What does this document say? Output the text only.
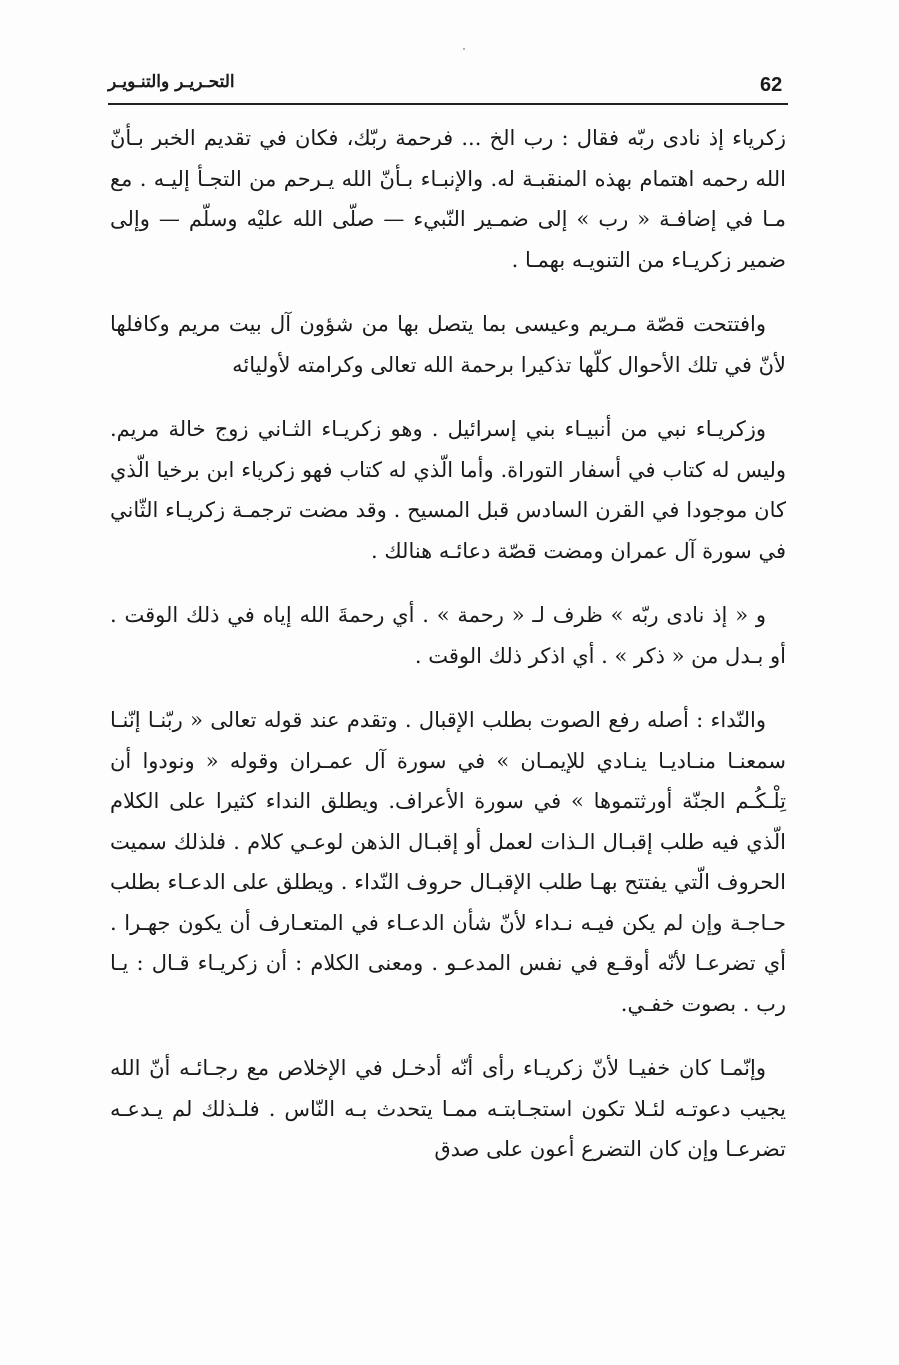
62
التحـريـر والتنـويـر

زكرياء إذ نادى ربّه فقال : رب الخ ... فرحمة ربّك، فكان في تقديم الخبر بـأنّ الله رحمه اهتمام بهذه المنقبـة له. والإنبـاء بـأنّ الله يـرحم من التجـأ إليـه . مع مـا في إضافـة « رب » إلى ضمـير النّبيء — صلّى الله عليْه وسلّم — وإلى ضمير زكريـاء من التنويـه بهمـا .

وافتتحت قصّة مـريم وعيسى بما يتصل بها من شؤون آل بيت مريم وكافلها لأنّ في تلك الأحوال كلّها تذكيرا برحمة الله تعالى وكرامته لأوليائه

وزكريـاء نبي من أنبيـاء بني إسرائيل . وهو زكريـاء الثـاني زوج خالة مريم. وليس له كتاب في أسفار التوراة. وأما الّذي له كتاب فهو زكرياء ابن برخيا الّذي كان موجودا في القرن السادس قبل المسيح . وقد مضت ترجمـة زكريـاء الثّاني في سورة آل عمران ومضت قصّة دعائـه هنالك .

و « إذ نادى ربّه » ظرف لـ « رحمة » . أي رحمةَ الله إياه في ذلك الوقت . أو بـدل من « ذكر » . أي اذكر ذلك الوقت .

والنّداء : أصله رفع الصوت بطلب الإقبال . وتقدم عند قوله تعالى « ربّنـا إنّنـا سمعنـا منـاديـا ينـادي للإيمـان » في سورة آل عمـران وقوله « ونودوا أن تِلْـكُـم الجنّة أورثتموها » في سورة الأعراف. ويطلق النداء كثيرا على الكلام الّذي فيه طلب إقبـال الـذات لعمل أو إقبـال الذهن لوعـي كلام . فلذلك سميت الحروف الّتي يفتتح بهـا طلب الإقبـال حروف النّداء . ويطلق على الدعـاء بطلب حـاجـة وإن لم يكن فيـه نـداء لأنّ شأن الدعـاء في المتعـارف أن يكون جهـرا . أي تضرعـا لأنّه أوقـع في نفس المدعـو . ومعنى الكلام : أن زكريـاء قـال : يـا رب . بصوت خفـي.

وإنّمـا كان خفيـا لأنّ زكريـاء رأى أنّه أدخـل في الإخلاص مع رجـائـه أنّ الله يجيب دعوتـه لئـلا تكون استجـابتـه ممـا يتحدث بـه النّاس . فلـذلك لم يـدعـه تضرعـا وإن كان التضرع أعون على صدق
